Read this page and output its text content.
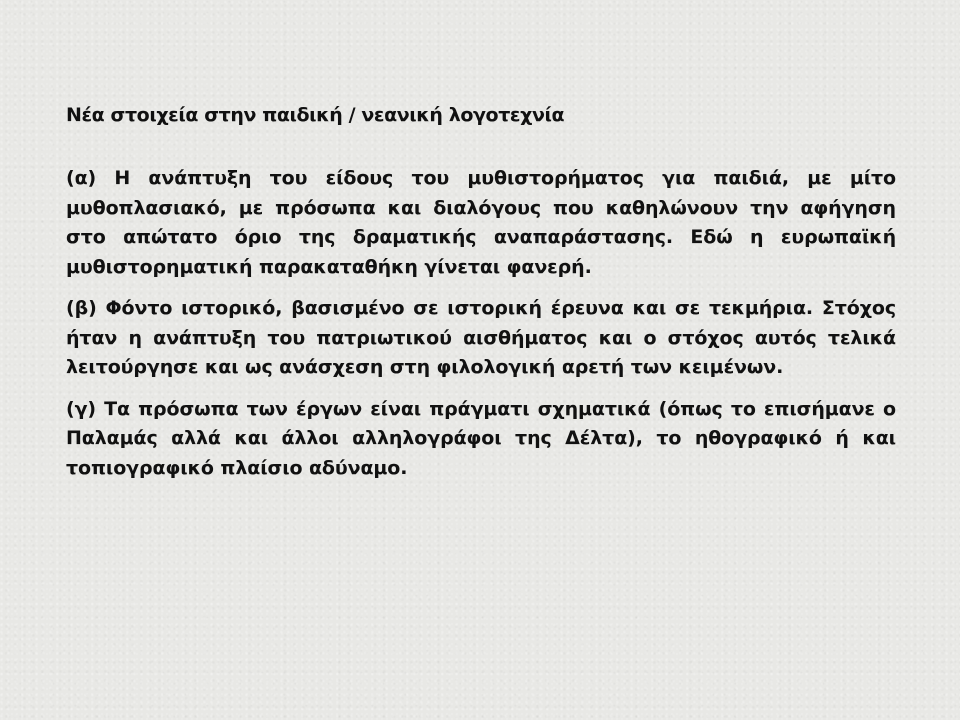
Νέα στοιχεία στην παιδική / νεανική λογοτεχνία

(α) Η ανάπτυξη του είδους του μυθιστορήματος για παιδιά, με μίτο μυθοπλασιακό, με πρόσωπα και διαλόγους που καθηλώνουν την αφήγηση στο απώτατο όριο της δραματικής αναπαράστασης. Εδώ η ευρωπαϊκή μυθιστορηματική παρακαταθήκη γίνεται φανερή.

(β) Φόντο ιστορικό, βασισμένο σε ιστορική έρευνα και σε τεκμήρια. Στόχος ήταν η ανάπτυξη του πατριωτικού αισθήματος και ο στόχος αυτός τελικά λειτούργησε και ως ανάσχεση στη φιλολογική αρετή των κειμένων.

(γ) Τα πρόσωπα των έργων είναι πράγματι σχηματικά (όπως το επισήμανε ο Παλαμάς αλλά και άλλοι αλληλογράφοι της Δέλτα), το ηθογραφικό ή και τοπιογραφικό πλαίσιο αδύναμο.
